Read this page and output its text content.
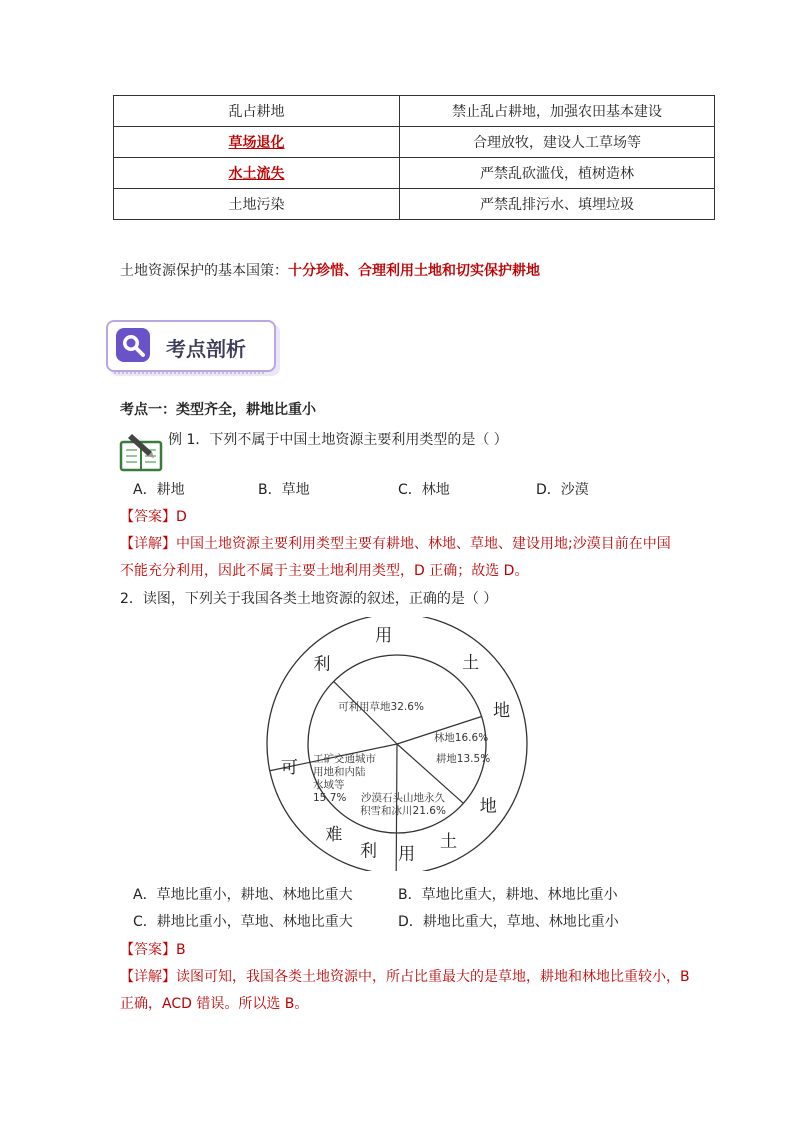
乱占耕地	禁止乱占耕地，加强农田基本建设
草场退化	合理放牧，建设人工草场等
水土流失	严禁乱砍滥伐，植树造林
土地污染	严禁乱排污水、填埋垃圾
土地资源保护的基本国策：十分珍惜、合理利用土地和切实保护耕地
考点剖析
考点一：类型齐全，耕地比重小
例 1．下列不属于中国土地资源主要利用类型的是（ ）
A．耕地	B．草地	C．林地	D．沙漠
【答案】D
【详解】中国土地资源主要利用类型主要有耕地、林地、草地、建设用地;沙漠目前在中国
不能充分利用，因此不属于主要土地利用类型，D 正确；故选 D。
2．读图，下列关于我国各类土地资源的叙述，正确的是（ ）
可利用草地32.6%
林地16.6%
耕地13.5%
沙漠石头山地永久积雪和冰川21.6%
工矿交通城市用地和内陆水域等 15.7%
可
利
用
土
地
难
利 用
土
地
A．草地比重小，耕地、林地比重大	B．草地比重大，耕地、林地比重小
C．耕地比重小，草地、林地比重大	D．耕地比重大，草地、林地比重小
【答案】B
【详解】读图可知，我国各类土地资源中，所占比重最大的是草地，耕地和林地比重较小，B
正确，ACD 错误。所以选 B。
